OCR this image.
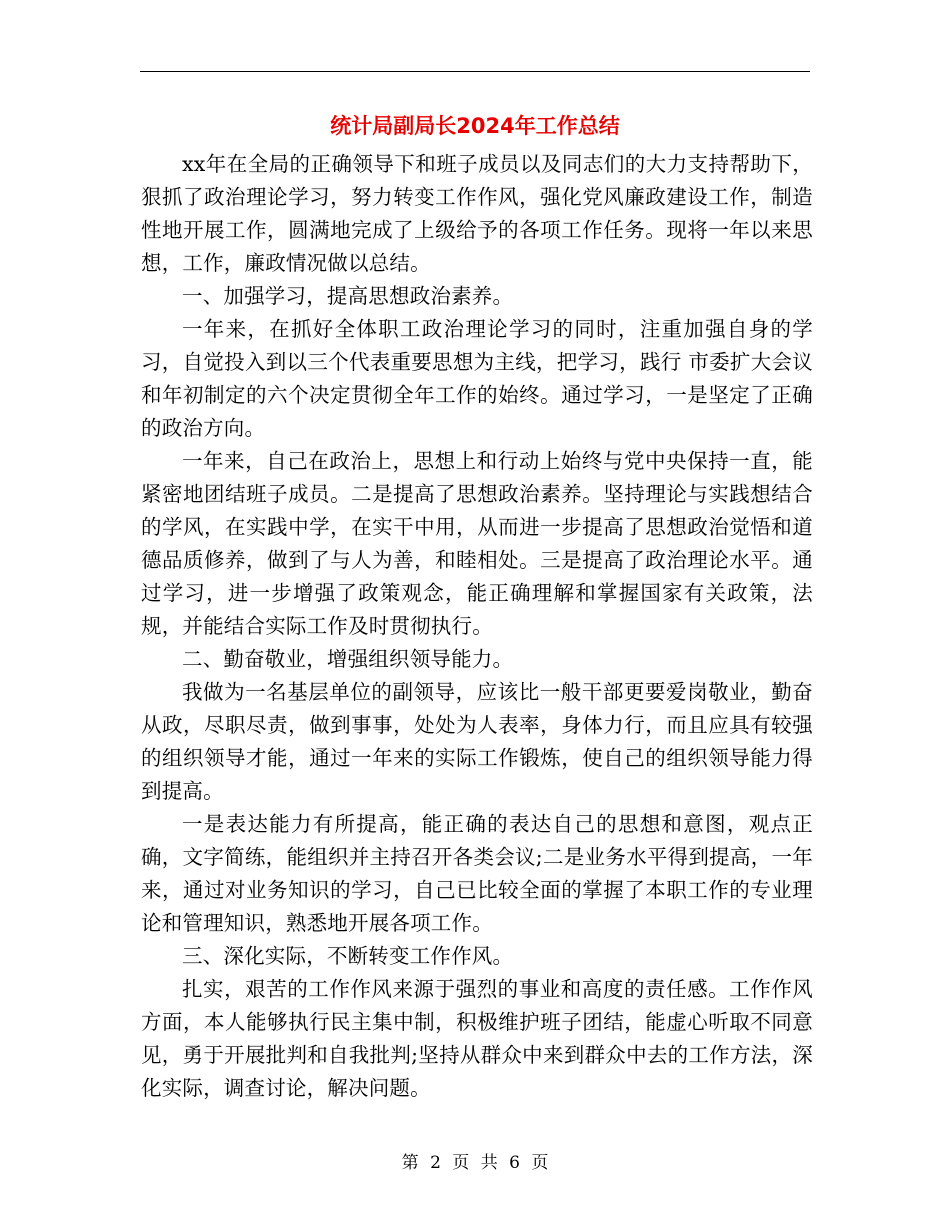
统计局副局长2024年工作总结

xx年在全局的正确领导下和班子成员以及同志们的大力支持帮助下，狠抓了政治理论学习，努力转变工作作风，强化党风廉政建设工作，制造性地开展工作，圆满地完成了上级给予的各项工作任务。现将一年以来思想，工作，廉政情况做以总结。

一、加强学习，提高思想政治素养。

一年来，在抓好全体职工政治理论学习的同时，注重加强自身的学习，自觉投入到以三个代表重要思想为主线，把学习，践行 市委扩大会议和年初制定的六个决定贯彻全年工作的始终。通过学习，一是坚定了正确的政治方向。

一年来，自己在政治上，思想上和行动上始终与党中央保持一直，能紧密地团结班子成员。二是提高了思想政治素养。坚持理论与实践想结合的学风，在实践中学，在实干中用，从而进一步提高了思想政治觉悟和道德品质修养，做到了与人为善，和睦相处。三是提高了政治理论水平。通过学习，进一步增强了政策观念，能正确理解和掌握国家有关政策，法规，并能结合实际工作及时贯彻执行。

二、勤奋敬业，增强组织领导能力。

我做为一名基层单位的副领导，应该比一般干部更要爱岗敬业，勤奋从政，尽职尽责，做到事事，处处为人表率，身体力行，而且应具有较强的组织领导才能，通过一年来的实际工作锻炼，使自己的组织领导能力得到提高。

一是表达能力有所提高，能正确的表达自己的思想和意图，观点正确，文字简练，能组织并主持召开各类会议;二是业务水平得到提高，一年来，通过对业务知识的学习，自己已比较全面的掌握了本职工作的专业理论和管理知识，熟悉地开展各项工作。

三、深化实际，不断转变工作作风。

扎实，艰苦的工作作风来源于强烈的事业和高度的责任感。工作作风方面，本人能够执行民主集中制，积极维护班子团结，能虚心听取不同意见，勇于开展批判和自我批判;坚持从群众中来到群众中去的工作方法，深化实际，调查讨论，解决问题。

第 2 页 共 6 页
